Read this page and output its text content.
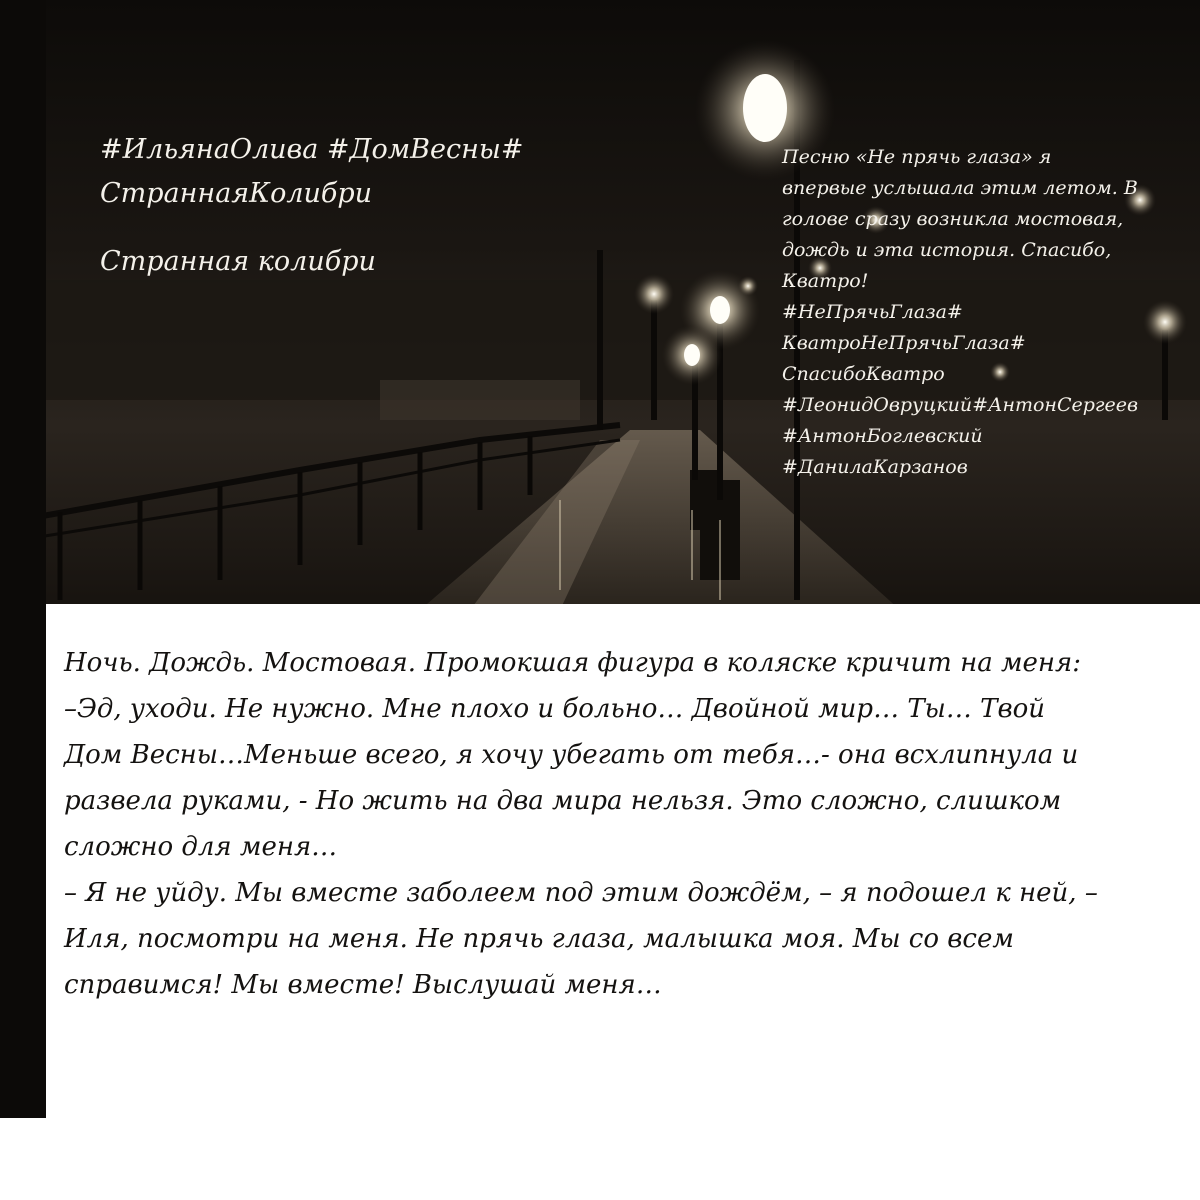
#ИльянаОлива #ДомВесны#
СтраннаяКолибри
Странная колибри
Песню «Не прячь глаза» я
впервые услышала этим летом. В
голове сразу возникла мостовая,
дождь и эта история. Спасибо,
Кватро!
#НеПрячьГлаза#
КватроНеПрячьГлаза#
СпасибоКватро
#ЛеонидОвруцкий#АнтонСергеев
#АнтонБоглевский
#ДанилаКарзанов
Ночь. Дождь. Мостовая. Промокшая фигура в коляске кричит на меня:
–Эд, уходи. Не нужно. Мне плохо и больно… Двойной мир… Ты… Твой
Дом Весны…Меньше всего, я хочу убегать от тебя…- она всхлипнула и
развела руками, - Но жить на два мира нельзя. Это сложно, слишком
сложно для меня…
– Я не уйду. Мы вместе заболеем под этим дождём, – я подошел к ней, –
Иля, посмотри на меня. Не прячь глаза, малышка моя. Мы со всем
справимся! Мы вместе! Выслушай меня…
